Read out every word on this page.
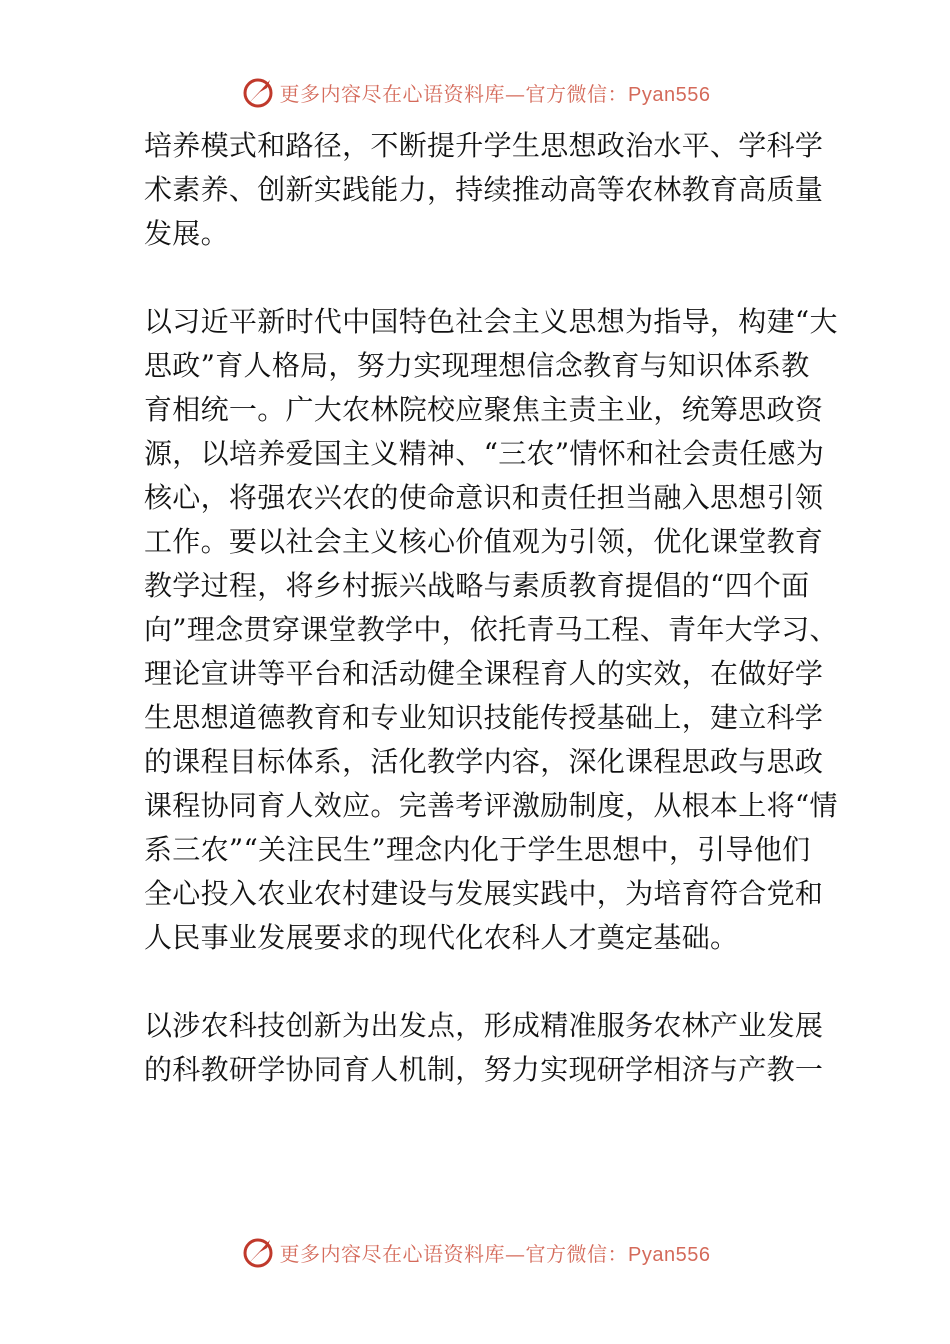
更多内容尽在心语资料库—官方微信：Pyan556

培养模式和路径，不断提升学生思想政治水平、学科学
术素养、创新实践能力，持续推动高等农林教育高质量
发展。

以习近平新时代中国特色社会主义思想为指导，构建“大
思政”育人格局，努力实现理想信念教育与知识体系教
育相统一。广大农林院校应聚焦主责主业，统筹思政资
源，以培养爱国主义精神、“三农”情怀和社会责任感为
核心，将强农兴农的使命意识和责任担当融入思想引领
工作。要以社会主义核心价值观为引领，优化课堂教育
教学过程，将乡村振兴战略与素质教育提倡的“四个面
向”理念贯穿课堂教学中，依托青马工程、青年大学习、
理论宣讲等平台和活动健全课程育人的实效，在做好学
生思想道德教育和专业知识技能传授基础上，建立科学
的课程目标体系，活化教学内容，深化课程思政与思政
课程协同育人效应。完善考评激励制度，从根本上将“情
系三农”“关注民生”理念内化于学生思想中，引导他们
全心投入农业农村建设与发展实践中，为培育符合党和
人民事业发展要求的现代化农科人才奠定基础。

以涉农科技创新为出发点，形成精准服务农林产业发展
的科教研学协同育人机制，努力实现研学相济与产教一

更多内容尽在心语资料库—官方微信：Pyan556
